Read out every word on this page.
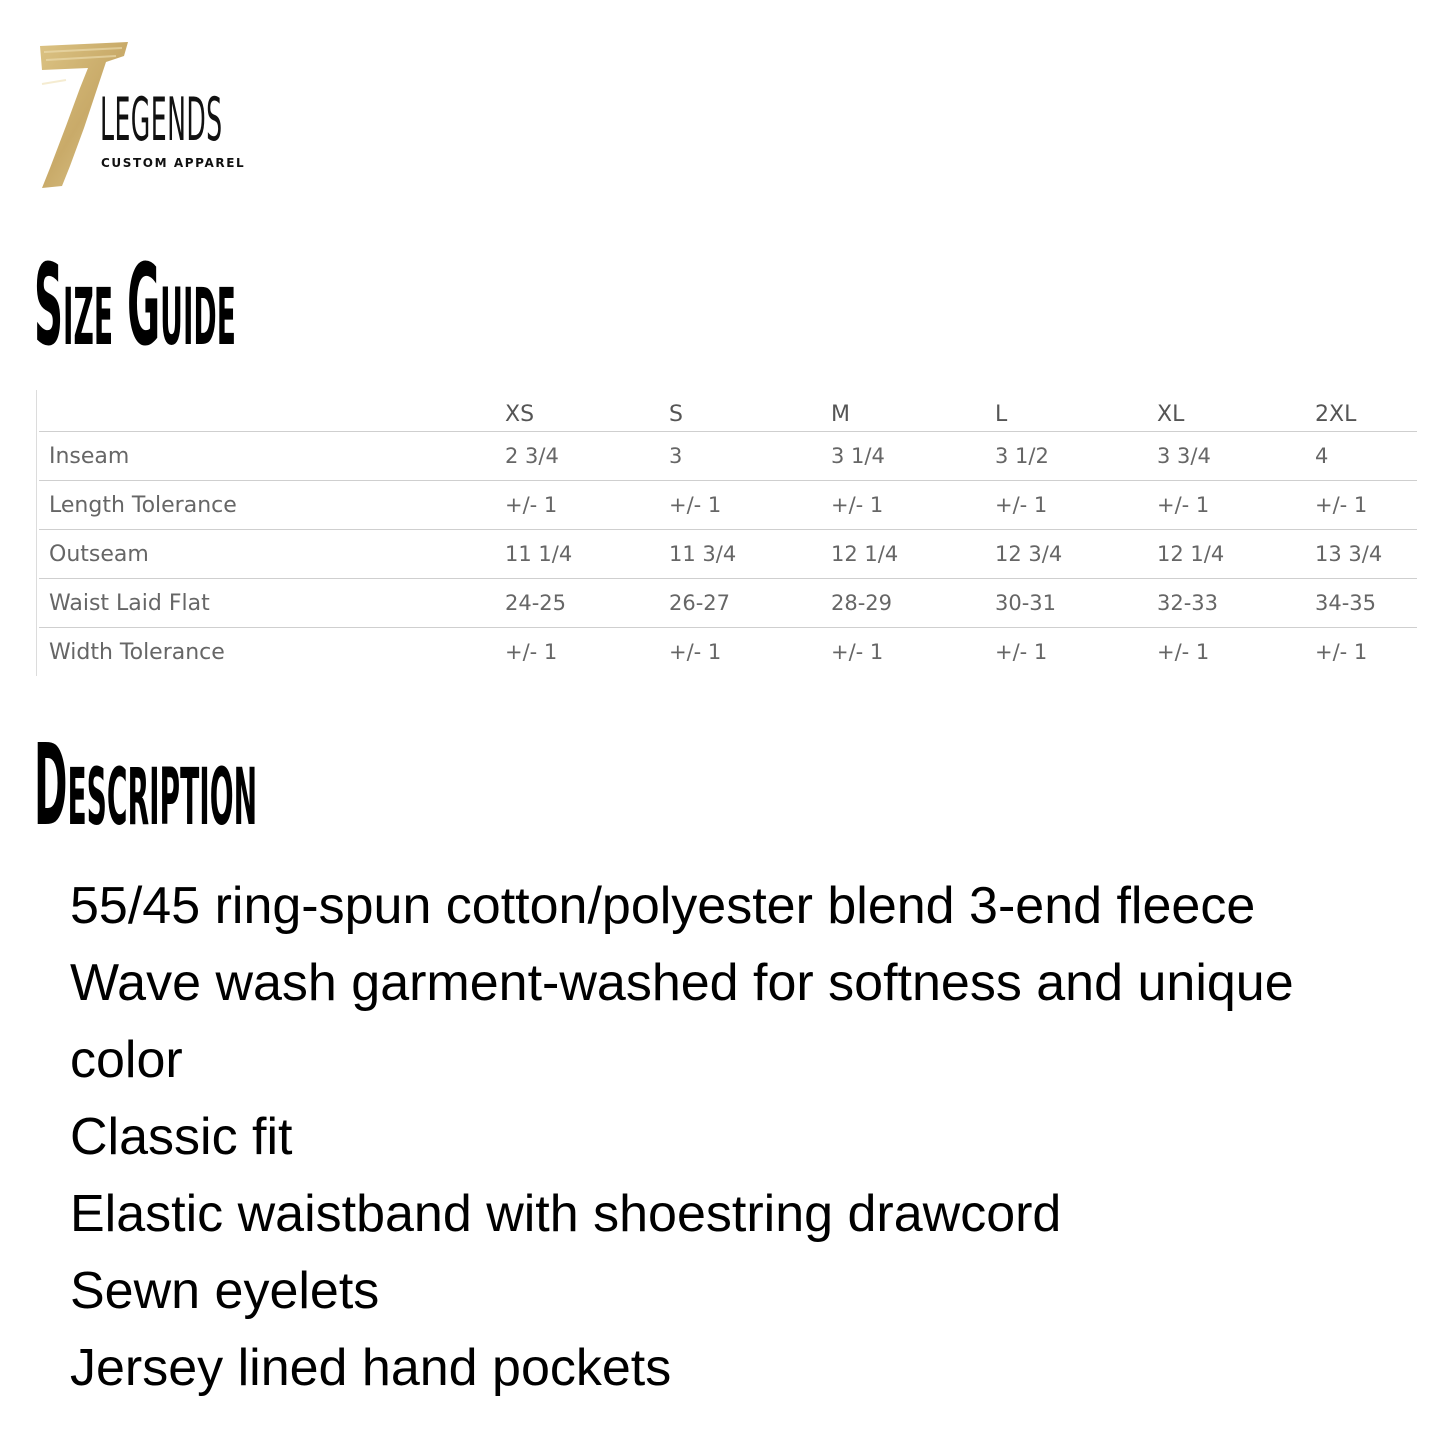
LEGENDS
CUSTOM APPAREL
Size Guide
	XS	S	M	L	XL	2XL
Inseam	2 3/4	3	3 1/4	3 1/2	3 3/4	4
Length Tolerance	+/- 1	+/- 1	+/- 1	+/- 1	+/- 1	+/- 1
Outseam	11 1/4	11 3/4	12 1/4	12 3/4	12 1/4	13 3/4
Waist Laid Flat	24-25	26-27	28-29	30-31	32-33	34-35
Width Tolerance	+/- 1	+/- 1	+/- 1	+/- 1	+/- 1	+/- 1
Description
55/45 ring-spun cotton/polyester blend 3-end fleece
Wave wash garment-washed for softness and unique
color
Classic fit
Elastic waistband with shoestring drawcord
Sewn eyelets
Jersey lined hand pockets
